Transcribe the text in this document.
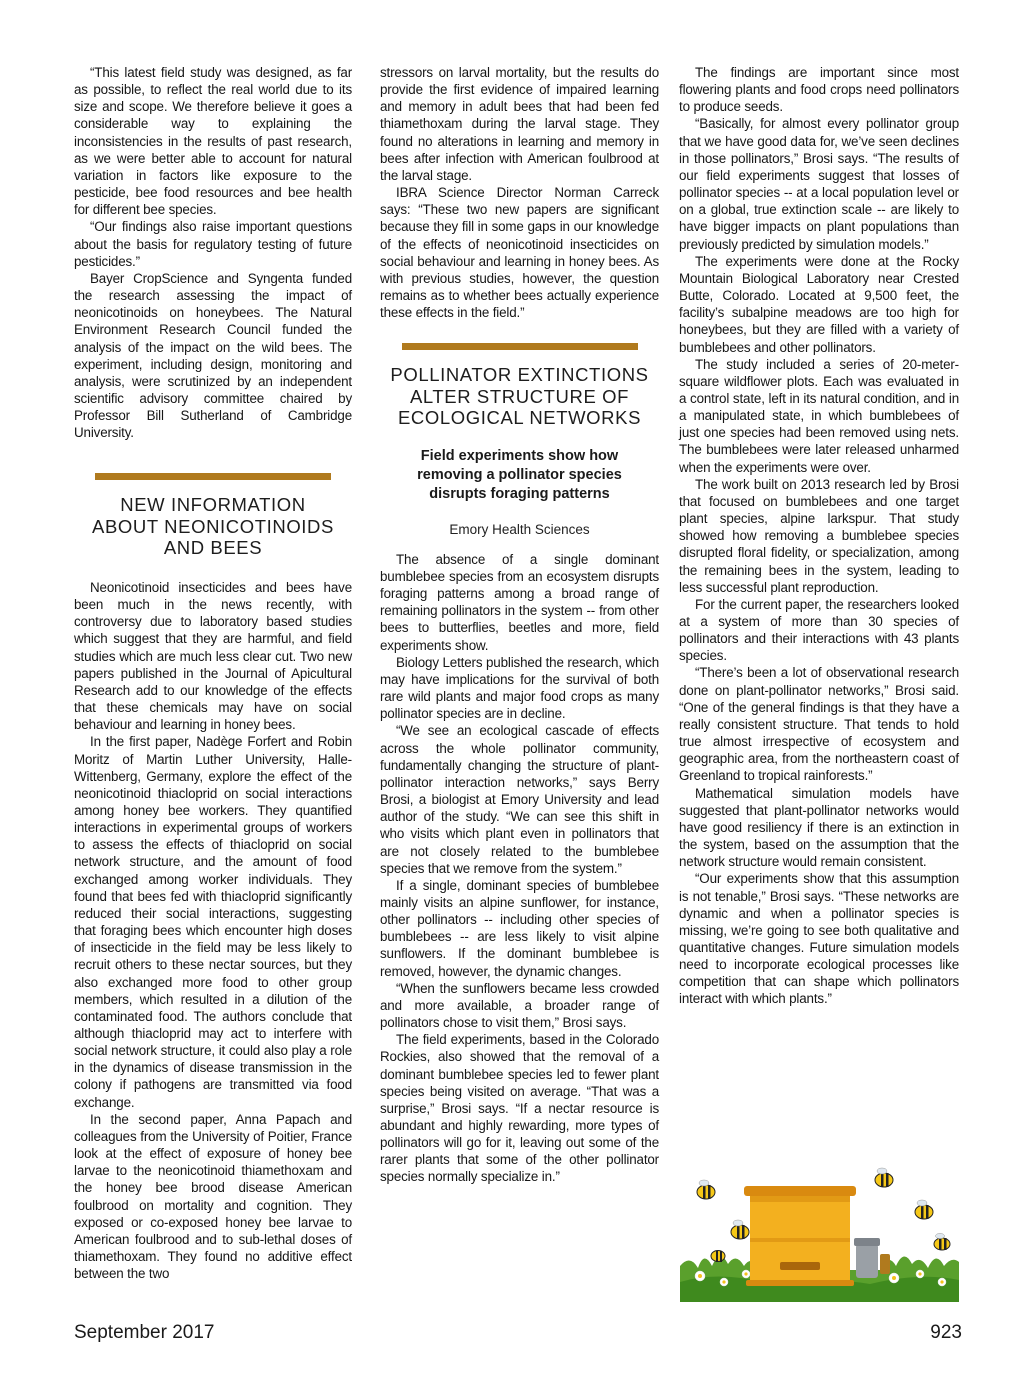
“This latest field study was designed, as far as possible, to reflect the real world due to its size and scope. We therefore believe it goes a considerable way to explaining the inconsistencies in the results of past research, as we were better able to account for natural variation in factors like exposure to the pesticide, bee food resources and bee health for different bee species.

“Our findings also raise important questions about the basis for regulatory testing of future pesticides.”

Bayer CropScience and Syngenta funded the research assessing the impact of neonicotinoids on honeybees. The Natural Environment Research Council funded the analysis of the impact on the wild bees. The experiment, including design, monitoring and analysis, were scrutinized by an independent scientific advisory committee chaired by Professor Bill Sutherland of Cambridge University.

NEW INFORMATION
ABOUT NEONICOTINOIDS
AND BEES

Neonicotinoid insecticides and bees have been much in the news recently, with controversy due to laboratory based studies which suggest that they are harmful, and field studies which are much less clear cut. Two new papers published in the Journal of Apicultural Research add to our knowledge of the effects that these chemicals may have on social behaviour and learning in honey bees.

In the first paper, Nadège Forfert and Robin Moritz of Martin Luther University, Halle-Wittenberg, Germany, explore the effect of the neonicotinoid thiacloprid on social interactions among honey bee workers. They quantified interactions in experimental groups of workers to assess the effects of thiacloprid on social network structure, and the amount of food exchanged among worker individuals. They found that bees fed with thiacloprid significantly reduced their social interactions, suggesting that foraging bees which encounter high doses of insecticide in the field may be less likely to recruit others to these nectar sources, but they also exchanged more food to other group members, which resulted in a dilution of the contaminated food. The authors conclude that although thiacloprid may act to interfere with social network structure, it could also play a role in the dynamics of disease transmission in the colony if pathogens are transmitted via food exchange.

In the second paper, Anna Papach and colleagues from the University of Poitier, France look at the effect of exposure of honey bee larvae to the neonicotinoid thiamethoxam and the honey bee brood disease American foulbrood on mortality and cognition. They exposed or co-exposed honey bee larvae to American foulbrood and to sub-lethal doses of thiamethoxam. They found no additive effect between the two

stressors on larval mortality, but the results do provide the first evidence of impaired learning and memory in adult bees that had been fed thiamethoxam during the larval stage. They found no alterations in learning and memory in bees after infection with American foulbrood at the larval stage.

IBRA Science Director Norman Carreck says: “These two new papers are significant because they fill in some gaps in our knowledge of the effects of neonicotinoid insecticides on social behaviour and learning in honey bees. As with previous studies, however, the question remains as to whether bees actually experience these effects in the field.”

POLLINATOR EXTINCTIONS
ALTER STRUCTURE OF
ECOLOGICAL NETWORKS

Field experiments show how
removing a pollinator species
disrupts foraging patterns

Emory Health Sciences

The absence of a single dominant bumblebee species from an ecosystem disrupts foraging patterns among a broad range of remaining pollinators in the system -- from other bees to butterflies, beetles and more, field experiments show.

Biology Letters published the research, which may have implications for the survival of both rare wild plants and major food crops as many pollinator species are in decline.

“We see an ecological cascade of effects across the whole pollinator community, fundamentally changing the structure of plant-pollinator interaction networks,” says Berry Brosi, a biologist at Emory University and lead author of the study. “We can see this shift in who visits which plant even in pollinators that are not closely related to the bumblebee species that we remove from the system.”

If a single, dominant species of bumblebee mainly visits an alpine sunflower, for instance, other pollinators -- including other species of bumblebees -- are less likely to visit alpine sunflowers. If the dominant bumblebee is removed, however, the dynamic changes.

“When the sunflowers became less crowded and more available, a broader range of pollinators chose to visit them,” Brosi says.

The field experiments, based in the Colorado Rockies, also showed that the removal of a dominant bumblebee species led to fewer plant species being visited on average. “That was a surprise,” Brosi says. “If a nectar resource is abundant and highly rewarding, more types of pollinators will go for it, leaving out some of the rarer plants that some of the other pollinator species normally specialize in.”

The findings are important since most flowering plants and food crops need pollinators to produce seeds.

“Basically, for almost every pollinator group that we have good data for, we’ve seen declines in those pollinators,” Brosi says. “The results of our field experiments suggest that losses of pollinator species -- at a local population level or on a global, true extinction scale -- are likely to have bigger impacts on plant populations than previously predicted by simulation models.”

The experiments were done at the Rocky Mountain Biological Laboratory near Crested Butte, Colorado. Located at 9,500 feet, the facility’s subalpine meadows are too high for honeybees, but they are filled with a variety of bumblebees and other pollinators.

The study included a series of 20-meter-square wildflower plots. Each was evaluated in a control state, left in its natural condition, and in a manipulated state, in which bumblebees of just one species had been removed using nets. The bumblebees were later released unharmed when the experiments were over.

The work built on 2013 research led by Brosi that focused on bumblebees and one target plant species, alpine larkspur. That study showed how removing a bumblebee species disrupted floral fidelity, or specialization, among the remaining bees in the system, leading to less successful plant reproduction.

For the current paper, the researchers looked at a system of more than 30 species of pollinators and their interactions with 43 plants species.

“There’s been a lot of observational research done on plant-pollinator networks,” Brosi said. “One of the general findings is that they have a really consistent structure. That tends to hold true almost irrespective of ecosystem and geographic area, from the northeastern coast of Greenland to tropical rainforests.”

Mathematical simulation models have suggested that plant-pollinator networks would have good resiliency if there is an extinction in the system, based on the assumption that the network structure would remain consistent.

“Our experiments show that this assumption is not tenable,” Brosi says. “These networks are dynamic and when a pollinator species is missing, we’re going to see both qualitative and quantitative changes. Future simulation models need to incorporate ecological processes like competition that can shape which pollinators interact with which plants.”

September 2017	923
